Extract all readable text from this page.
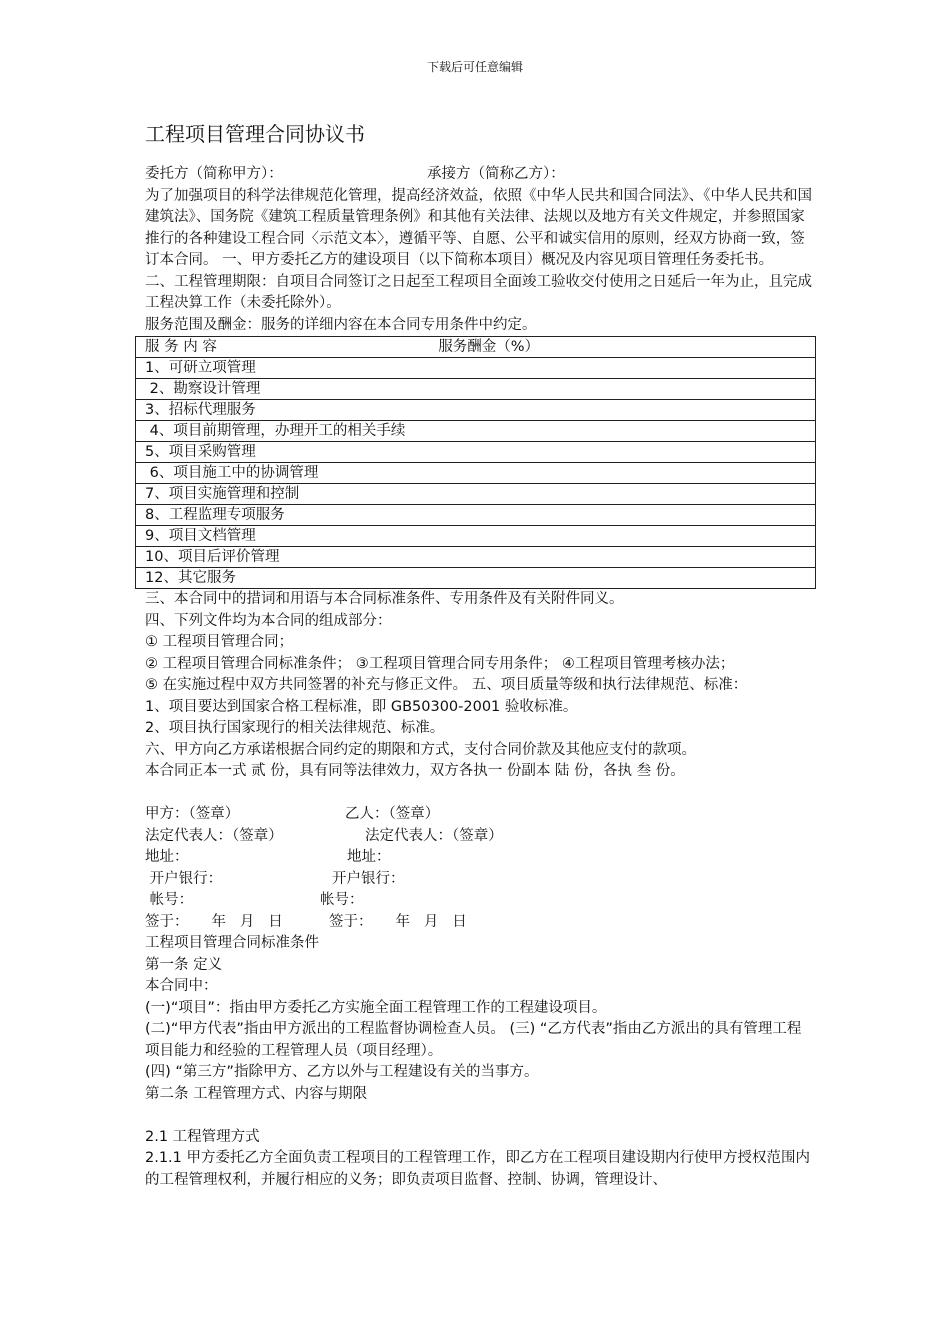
下载后可任意编辑
工程项目管理合同协议书
委托方（简称甲方）：	承接方（简称乙方）：

为了加强项目的科学法律规范化管理，提高经济效益，依照《中华人民共和国合同法》、《中华人民共和国建筑法》、国务院《建筑工程质量管理条例》和其他有关法律、法规以及地方有关文件规定，并参照国家推行的各种建设工程合同〈示范文本〉，遵循平等、自愿、公平和诚实信用的原则，经双方协商一致，签订本合同。 一、甲方委托乙方的建设项目（以下简称本项目）概况及内容见项目管理任务委托书。

二、工程管理期限：自项目合同签订之日起至工程项目全面竣工验收交付使用之日延后一年为止，且完成工程决算工作（未委托除外）。

服务范围及酬金：服务的详细内容在本合同专用条件中约定。

服 务 内 容	服务酬金（%）
1、可研立项管理
2、勘察设计管理
3、招标代理服务
4、项目前期管理，办理开工的相关手续
5、项目采购管理
6、项目施工中的协调管理
7、项目实施管理和控制
8、工程监理专项服务
9、项目文档管理
10、项目后评价管理
12、其它服务

三、本合同中的措词和用语与本合同标准条件、专用条件及有关附件同义。

四、下列文件均为本合同的组成部分：

① 工程项目管理合同；

② 工程项目管理合同标准条件； ③工程项目管理合同专用条件； ④工程项目管理考核办法；

⑤ 在实施过程中双方共同签署的补充与修正文件。 五、项目质量等级和执行法律规范、标准：

1、项目要达到国家合格工程标准，即 GB50300-2001 验收标准。

2、项目执行国家现行的相关法律规范、标准。

六、甲方向乙方承诺根据合同约定的期限和方式，支付合同价款及其他应支付的款项。

本合同正本一式 贰 份，具有同等法律效力，双方各执一 份副本 陆 份，各执 叁 份。

甲方：（签章）	乙人：（签章）
法定代表人：（签章）	法定代表人：（签章）
地址：	地址：
开户银行：	开户银行：
帐号：	帐号：
签于：     年   月   日	签于：     年   月   日

工程项目管理合同标准条件

第一条 定义

本合同中：

(一)“项目”：指由甲方委托乙方实施全面工程管理工作的工程建设项目。

(二)“甲方代表”指由甲方派出的工程监督协调检查人员。 (三) “乙方代表”指由乙方派出的具有管理工程项目能力和经验的工程管理人员（项目经理）。

(四) “第三方”指除甲方、乙方以外与工程建设有关的当事方。

第二条 工程管理方式、内容与期限

2.1 工程管理方式

2.1.1 甲方委托乙方全面负责工程项目的工程管理工作，即乙方在工程项目建设期内行使甲方授权范围内的工程管理权利，并履行相应的义务；即负责项目监督、控制、协调，管理设计、
